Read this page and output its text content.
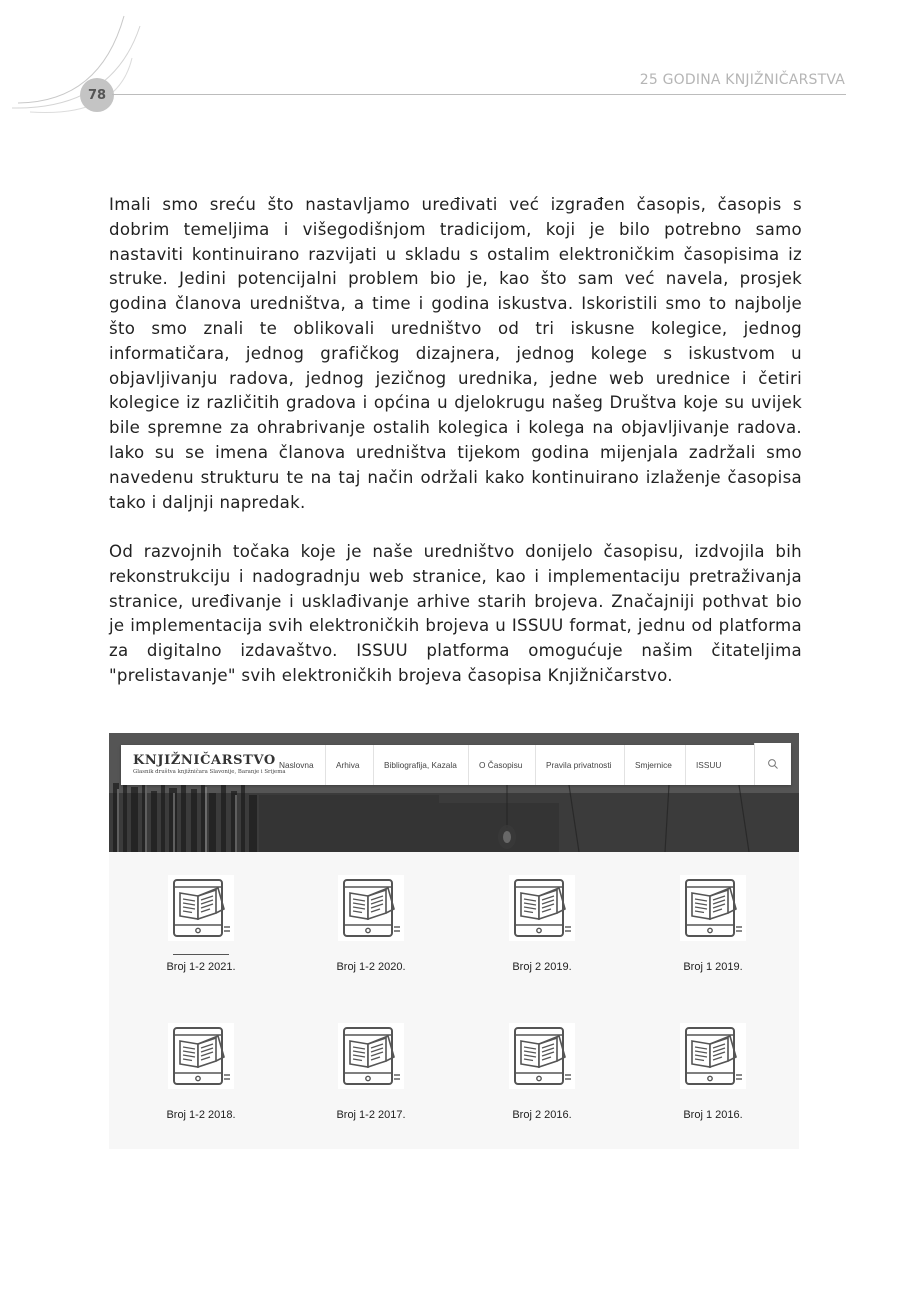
78
25 GODINA KNJIŽNIČARSTVA

Imali smo sreću što nastavljamo uređivati već izgrađen časopis, časopis s dobrim temeljima i višegodišnjom tradicijom, koji je bilo potrebno samo nastaviti kontinuirano razvijati u skladu s ostalim elektroničkim časopisima iz struke. Jedini potencijalni problem bio je, kao što sam već navela, prosjek godina članova uredništva, a time i godina iskustva. Iskoristili smo to najbolje što smo znali te oblikovali uredništvo od tri iskusne kolegice, jednog informatičara, jednog grafičkog dizajnera, jednog kolege s iskustvom u objavljivanju radova, jednog jezičnog urednika, jedne web urednice i četiri kolegice iz različitih gradova i općina u djelokrugu našeg Društva koje su uvijek bile spremne za ohrabrivanje ostalih kolegica i kolega na objavljivanje radova. Iako su se imena članova uredništva tijekom godina mijenjala zadržali smo navedenu strukturu te na taj način održali kako kontinuirano izlaženje časopisa tako i daljnji napredak.

Od razvojnih točaka koje je naše uredništvo donijelo časopisu, izdvojila bih rekonstrukciju i nadogradnju web stranice, kao i implementaciju pretraživanja stranice, uređivanje i usklađivanje arhive starih brojeva. Značajniji pothvat bio je implementacija svih elektroničkih brojeva u ISSUU format, jednu od platforma za digitalno izdavaštvo. ISSUU platforma omogućuje našim čitateljima "prelistavanje" svih elektroničkih brojeva časopisa Knjižničarstvo.

KNJIŽNIČARSTVO
Glasnik društva knjižničara Slavonije, Baranje i Srijema
Naslovna	Arhiva	Bibliografija, Kazala	O Časopisu	Pravila privatnosti	Smjernice	ISSUU
Broj 1-2 2021.	Broj 1-2 2020.	Broj 2 2019.	Broj 1 2019.
Broj 1-2 2018.	Broj 1-2 2017.	Broj 2 2016.	Broj 1 2016.
